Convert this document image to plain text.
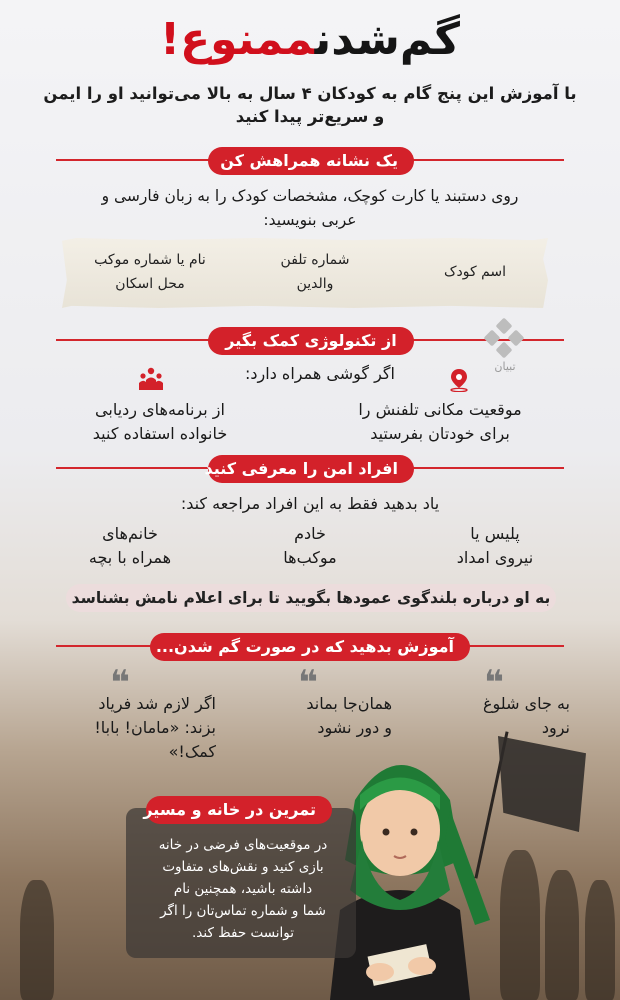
گم‌شدنممنوع!
با آموزش این پنج گام به کودکان ۴ سال به بالا می‌توانید او را ایمن
و سریع‌تر پیدا کنید
یک نشانه همراهش کن
روی دستبند یا کارت کوچک، مشخصات کودک را به زبان فارسی و
عربی بنویسید:
اسم کودک
شماره تلفن
والدین
نام یا شماره موکب
محل اسکان
از تکنولوژی کمک بگیر
تبیان
اگر گوشی همراه دارد:
موقعیت مکانی تلفنش را
برای خودتان بفرستید
از برنامه‌های ردیابی
خانواده استفاده کنید
افراد امن را معرفی کنید
یاد بدهید فقط به این افراد مراجعه کند:
پلیس یا
نیروی امداد
خادم
موکب‌ها
خانم‌های
همراه با بچه
به او درباره بلندگوی عمودها بگویید تا برای اعلام نامش بشناسد
آموزش بدهید که در صورت گم شدن...
❝
❝
❝
به جای شلوغ
نرود
همان‌جا بماند
و دور نشود
اگر لازم شد فریاد
بزند: «مامان! بابا!
کمک!»
تمرین در خانه و مسیر
در موقعیت‌های فرضی در خانه
بازی کنید و نقش‌های متفاوت
داشته باشید، همچنین نام
شما و شماره تماس‌تان را اگر
توانست حفظ کند.
